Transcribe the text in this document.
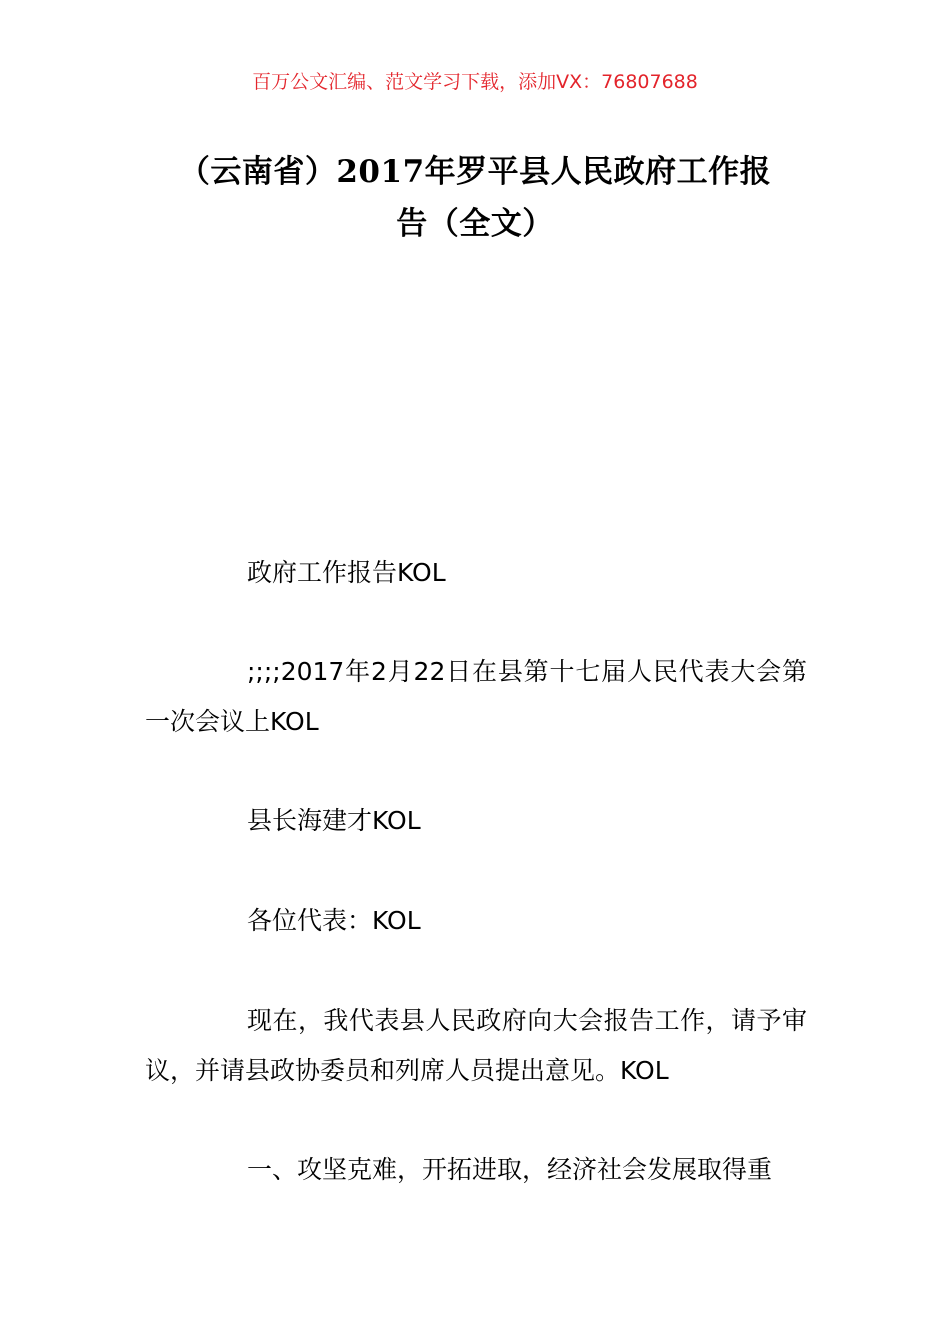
百万公文汇编、范文学习下载，添加VX：76807688
（云南省）2017年罗平县人民政府工作报
告（全文）

政府工作报告KOL

;;;;2017年2月22日在县第十七届人民代表大会第一次会议上KOL

县长海建才KOL

各位代表：KOL

现在，我代表县人民政府向大会报告工作，请予审议，并请县政协委员和列席人员提出意见。KOL

一、攻坚克难，开拓进取，经济社会发展取得重
